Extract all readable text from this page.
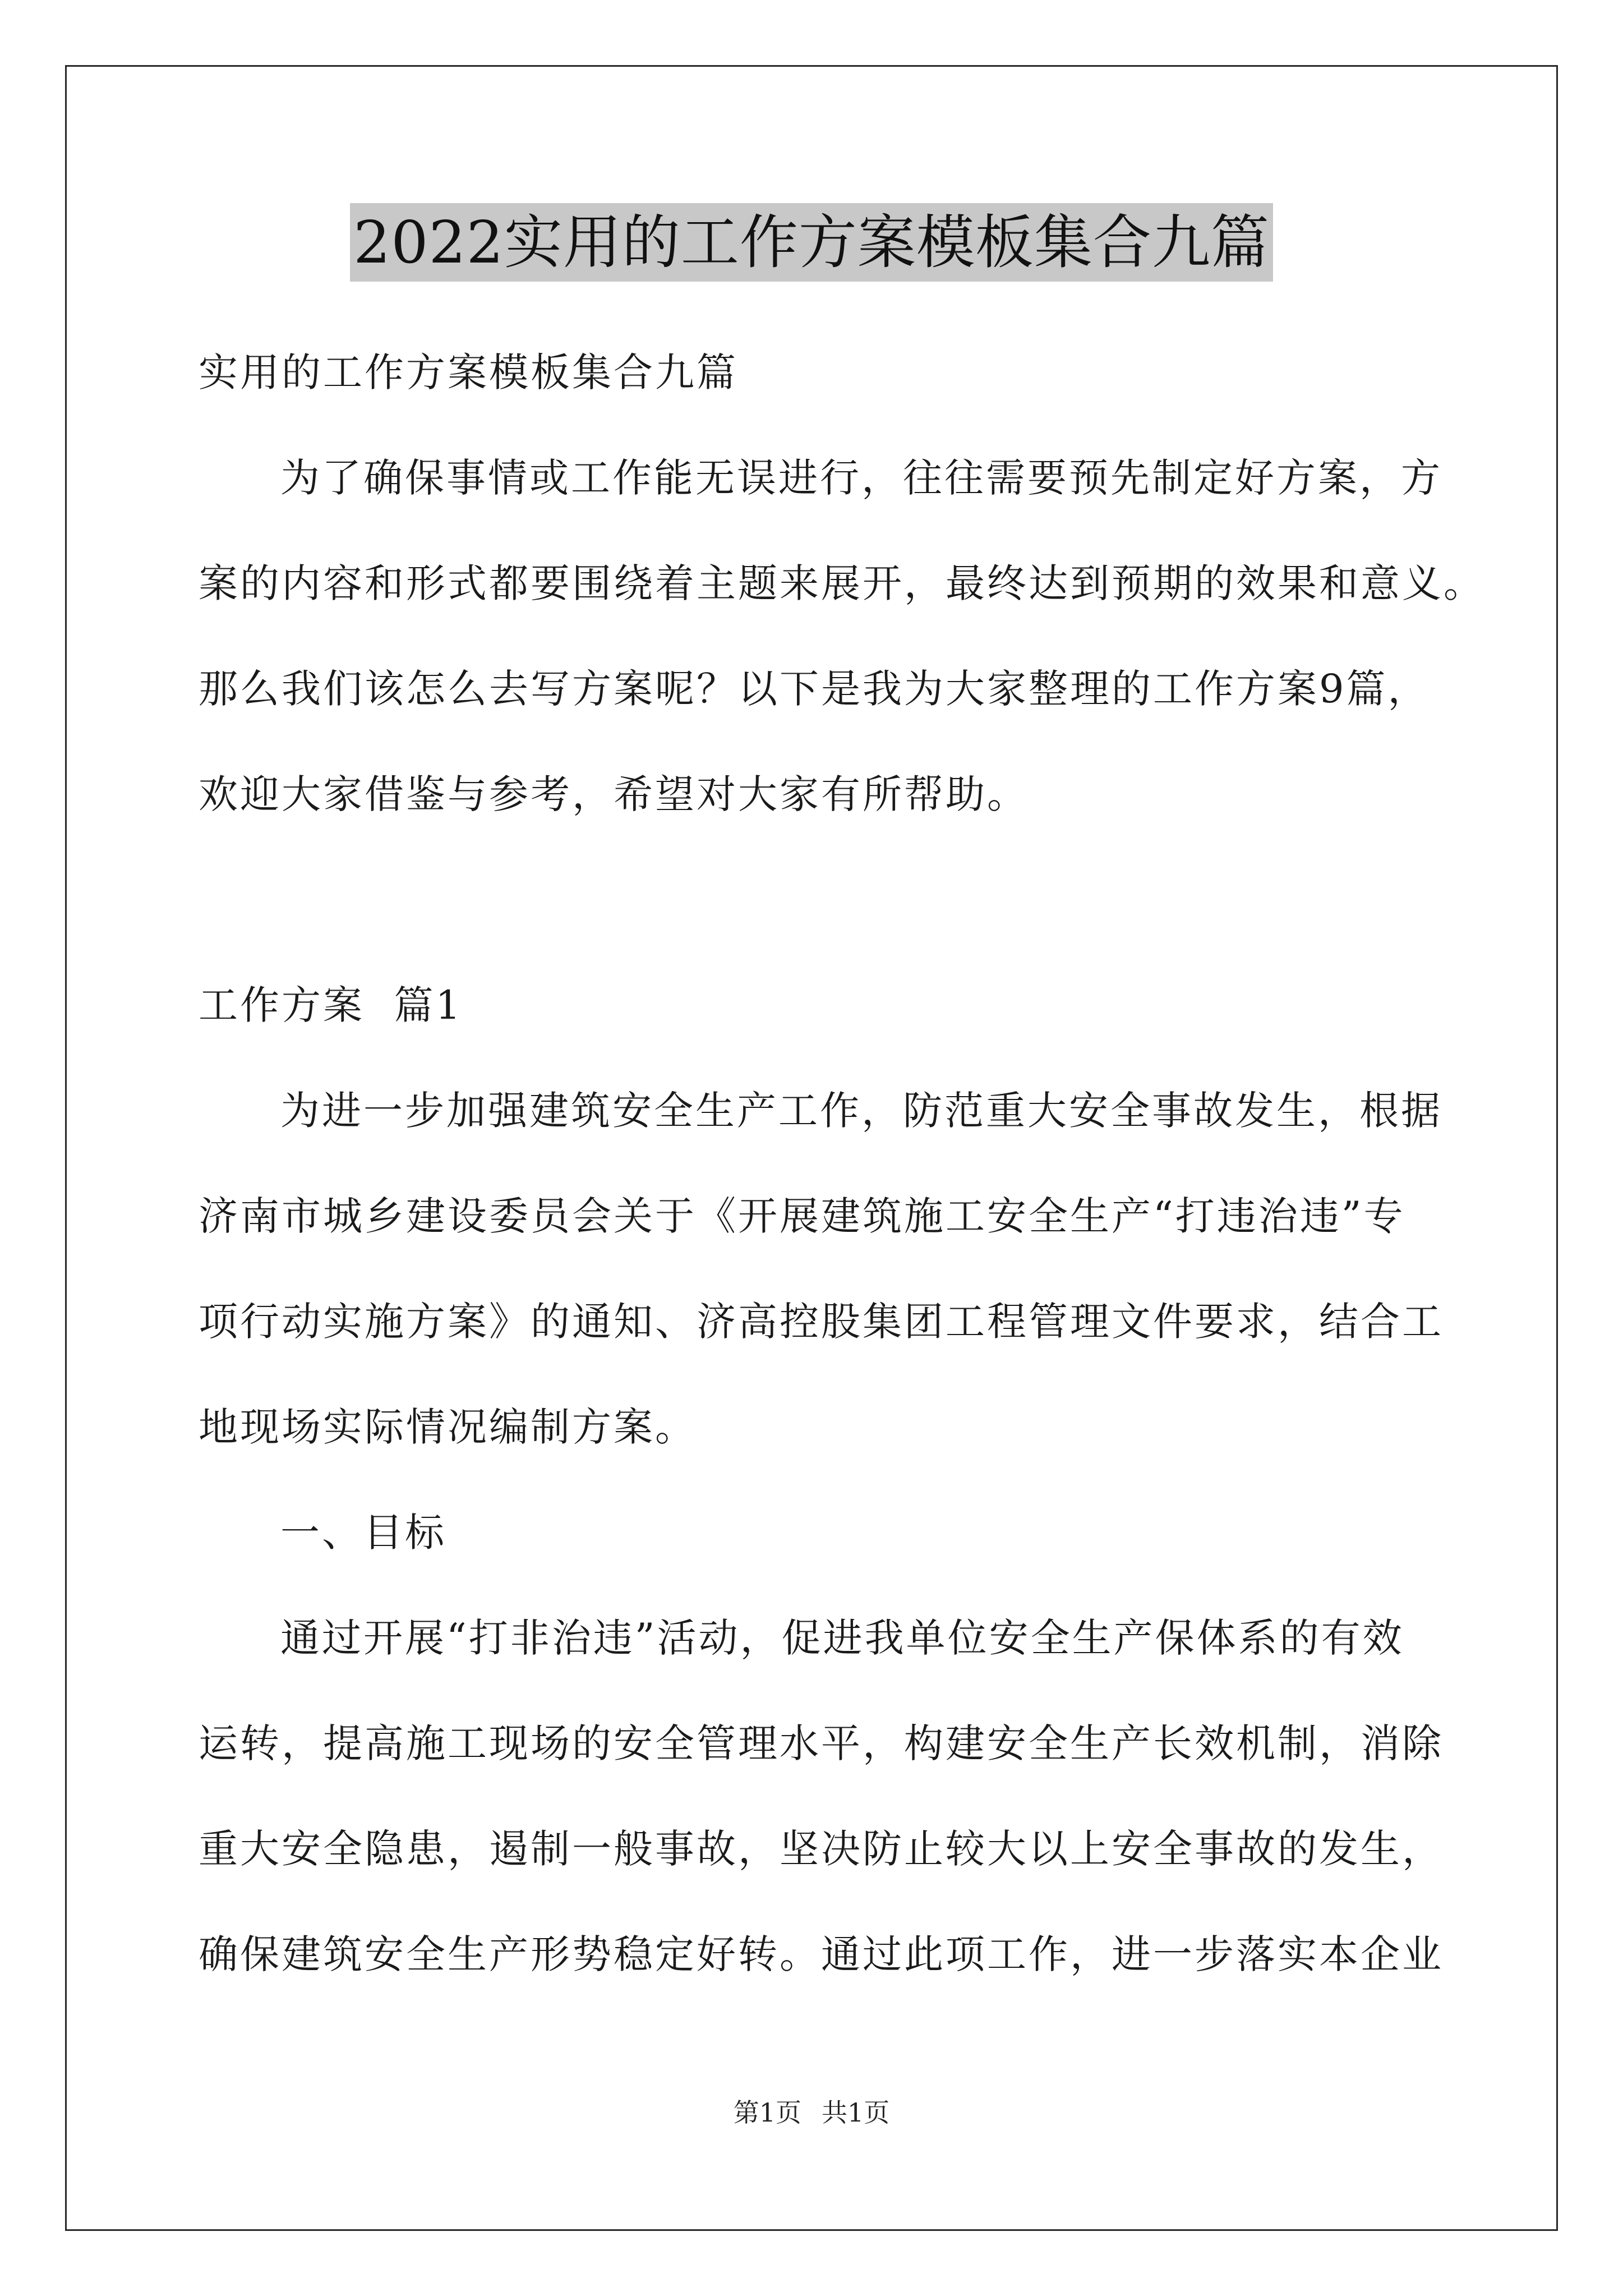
2022实用的工作方案模板集合九篇
实用的工作方案模板集合九篇
为了确保事情或工作能无误进行，往往需要预先制定好方案，方
案的内容和形式都要围绕着主题来展开，最终达到预期的效果和意义。
那么我们该怎么去写方案呢？以下是我为大家整理的工作方案9篇，
欢迎大家借鉴与参考，希望对大家有所帮助。
工作方案  篇1
为进一步加强建筑安全生产工作，防范重大安全事故发生，根据
济南市城乡建设委员会关于《开展建筑施工安全生产“打违治违”专
项行动实施方案》的通知、济高控股集团工程管理文件要求，结合工
地现场实际情况编制方案。
一、目标
通过开展“打非治违”活动，促进我单位安全生产保体系的有效
运转，提高施工现场的安全管理水平，构建安全生产长效机制，消除
重大安全隐患，遏制一般事故，坚决防止较大以上安全事故的发生，
确保建筑安全生产形势稳定好转。通过此项工作，进一步落实本企业
第1页 共1页
